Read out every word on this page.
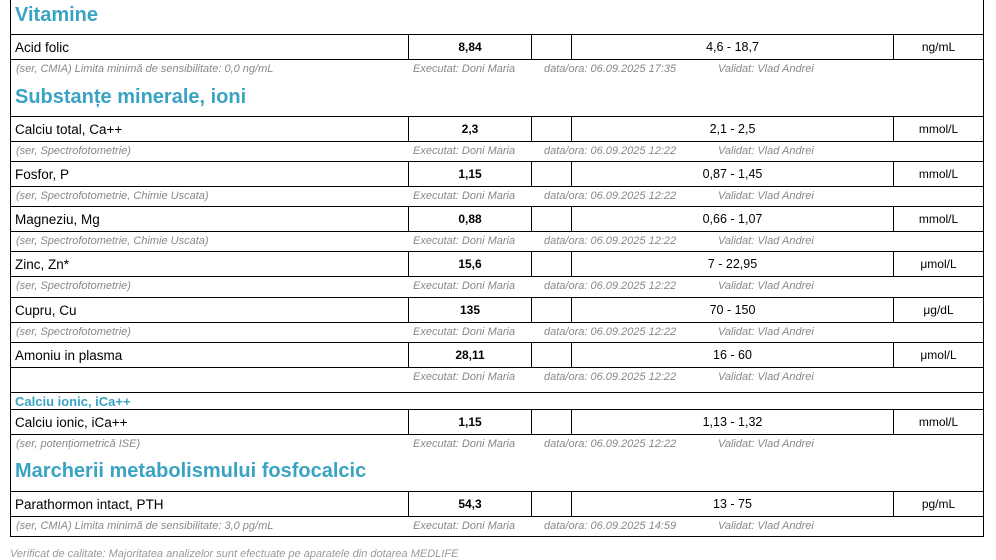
Vitamine
Acid folic	8,84	4,6 - 18,7	ng/mL
(ser, CMIA) Limita minimă de sensibilitate: 0,0 ng/mL	Executat: Doni Maria	data/ora: 06.09.2025 17:35	Validat: Vlad Andrei
Substanțe minerale, ioni
Calciu total, Ca++	2,3	2,1 - 2,5	mmol/L
(ser, Spectrofotometrie)	Executat: Doni Maria	data/ora: 06.09.2025 12:22	Validat: Vlad Andrei
Fosfor, P	1,15	0,87 - 1,45	mmol/L
(ser, Spectrofotometrie, Chimie Uscata)	Executat: Doni Maria	data/ora: 06.09.2025 12:22	Validat: Vlad Andrei
Magneziu, Mg	0,88	0,66 - 1,07	mmol/L
(ser, Spectrofotometrie, Chimie Uscata)	Executat: Doni Maria	data/ora: 06.09.2025 12:22	Validat: Vlad Andrei
Zinc, Zn*	15,6	7 - 22,95	μmol/L
(ser, Spectrofotometrie)	Executat: Doni Maria	data/ora: 06.09.2025 12:22	Validat: Vlad Andrei
Cupru, Cu	135	70 - 150	μg/dL
(ser, Spectrofotometrie)	Executat: Doni Maria	data/ora: 06.09.2025 12:22	Validat: Vlad Andrei
Amoniu in plasma	28,11	16 - 60	μmol/L
Executat: Doni Maria	data/ora: 06.09.2025 12:22	Validat: Vlad Andrei
Calciu ionic, iCa++
Calciu ionic, iCa++	1,15	1,13 - 1,32	mmol/L
(ser, potențiometrică ISE)	Executat: Doni Maria	data/ora: 06.09.2025 12:22	Validat: Vlad Andrei
Marcherii metabolismului fosfocalcic
Parathormon intact, PTH	54,3	13 - 75	pg/mL
(ser, CMIA) Limita minimă de sensibilitate: 3,0 pg/mL	Executat: Doni Maria	data/ora: 06.09.2025 14:59	Validat: Vlad Andrei
Verificat de calitate: Majoritatea analizelor sunt efectuate pe aparatele din dotarea MEDLIFE
